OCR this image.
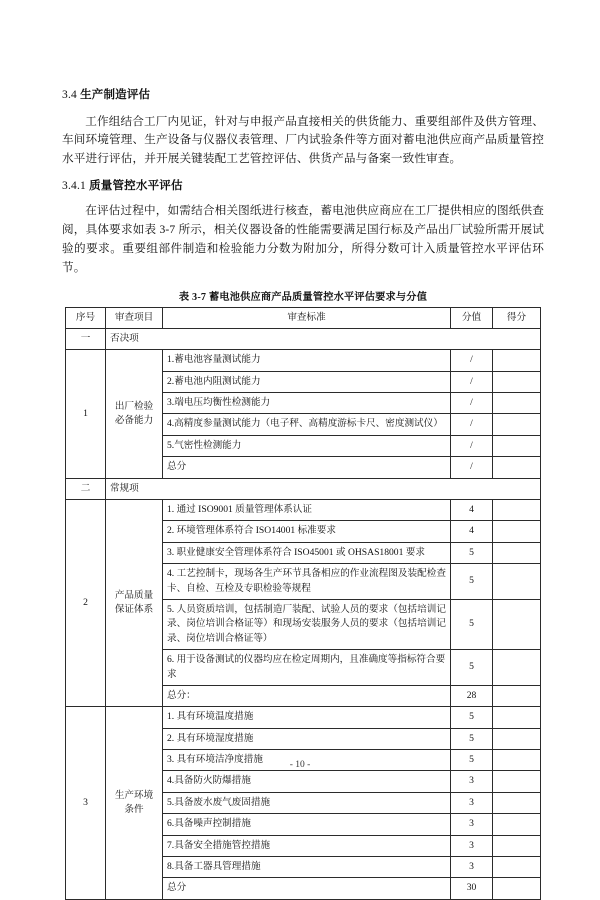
3.4 生产制造评估

工作组结合工厂内见证，针对与申报产品直接相关的供货能力、重要组部件及供方管理、车间环境管理、生产设备与仪器仪表管理、厂内试验条件等方面对蓄电池供应商产品质量管控水平进行评估，并开展关键装配工艺管控评估、供货产品与备案一致性审查。

3.4.1 质量管控水平评估

在评估过程中，如需结合相关图纸进行核查，蓄电池供应商应在工厂提供相应的图纸供查阅，具体要求如表 3-7 所示，相关仪器设备的性能需要满足国行标及产品出厂试验所需开展试验的要求。重要组部件制造和检验能力分数为附加分，所得分数可计入质量管控水平评估环节。

表 3-7 蓄电池供应商产品质量管控水平评估要求与分值
序号	审查项目	审查标准	分值	得分
一	否决项			
1	出厂检验
必备能力	1.蓄电池容量测试能力	/	
		2.蓄电池内阻测试能力	/	
		3.端电压均衡性检测能力	/	
		4.高精度参量测试能力（电子秤、高精度游标卡尺、密度测试仪）	/	
		5.气密性检测能力	/	
		总分	/	
二	常规项			
2	产品质量
保证体系	1. 通过 ISO9001 质量管理体系认证	4	
		2. 环境管理体系符合 ISO14001 标准要求	4	
		3. 职业健康安全管理体系符合 ISO45001 或 OHSAS18001 要求	5	
		4. 工艺控制卡，现场各生产环节具备相应的作业流程图及装配检查卡、自检、互检及专职检验等规程	5	
		5. 人员资质培训，包括制造厂装配、试验人员的要求（包括培训记录、岗位培训合格证等）和现场安装服务人员的要求（包括培训记录、岗位培训合格证等）	5	
		6. 用于设备测试的仪器均应在检定周期内，且准确度等指标符合要求	5	
		总分：	28	
3	生产环境
条件	1. 具有环境温度措施	5	
		2. 具有环境湿度措施	5	
		3. 具有环境洁净度措施	5	
		4.具备防火防爆措施	3	
		5.具备废水废气废固措施	3	
		6.具备噪声控制措施	3	
		7.具备安全措施管控措施	3	
		8.具备工器具管理措施	3	
		总分	30	
- 10 -
